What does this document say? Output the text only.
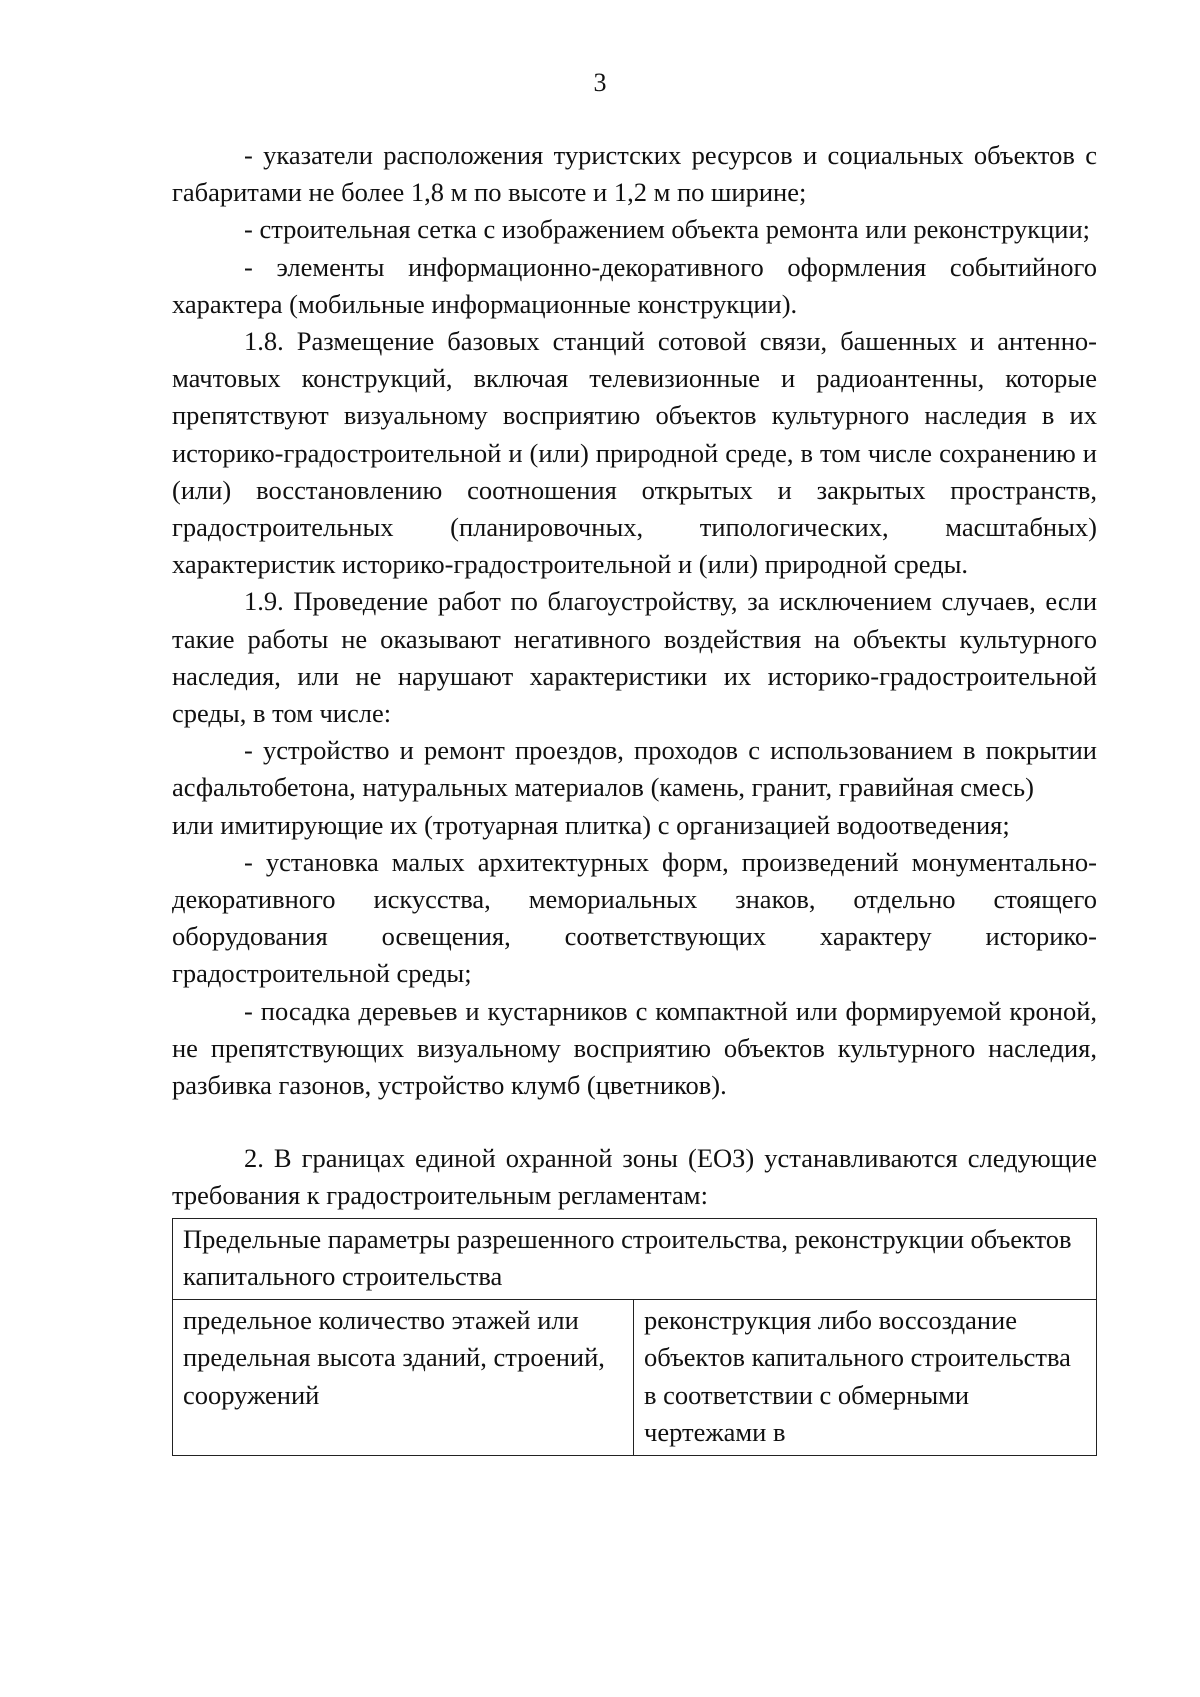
3

- указатели расположения туристских ресурсов и социальных объектов с габаритами не более 1,8 м по высоте и 1,2 м по ширине;

- строительная сетка с изображением объекта ремонта или реконструкции;

- элементы информационно-декоративного оформления событийного характера (мобильные информационные конструкции).

1.8. Размещение базовых станций сотовой связи, башенных и антенно-мачтовых конструкций, включая телевизионные и радиоантенны, которые препятствуют визуальному восприятию объектов культурного наследия в их историко-градостроительной и (или) природной среде, в том числе сохранению и (или) восстановлению соотношения открытых и закрытых пространств, градостроительных (планировочных, типологических, масштабных) характеристик историко-градостроительной и (или) природной среды.

1.9. Проведение работ по благоустройству, за исключением случаев, если такие работы не оказывают негативного воздействия на объекты культурного наследия, или не нарушают характеристики их историко-градостроительной среды, в том числе:

- устройство и ремонт проездов, проходов с использованием в покрытии асфальтобетона, натуральных материалов (камень, гранит, гравийная смесь)

или имитирующие их (тротуарная плитка) с организацией водоотведения;

- установка малых архитектурных форм, произведений монументально-декоративного искусства, мемориальных знаков, отдельно стоящего оборудования освещения, соответствующих характеру историко-градостроительной среды;

- посадка деревьев и кустарников с компактной или формируемой кроной, не препятствующих визуальному восприятию объектов культурного наследия, разбивка газонов, устройство клумб (цветников).

2. В границах единой охранной зоны (ЕОЗ) устанавливаются следующие требования к градостроительным регламентам:

Предельные параметры разрешенного строительства, реконструкции объектов капитального строительства
предельное количество этажей или предельная высота зданий, строений, сооружений	реконструкция либо воссоздание объектов капитального строительства в соответствии с обмерными чертежами в
